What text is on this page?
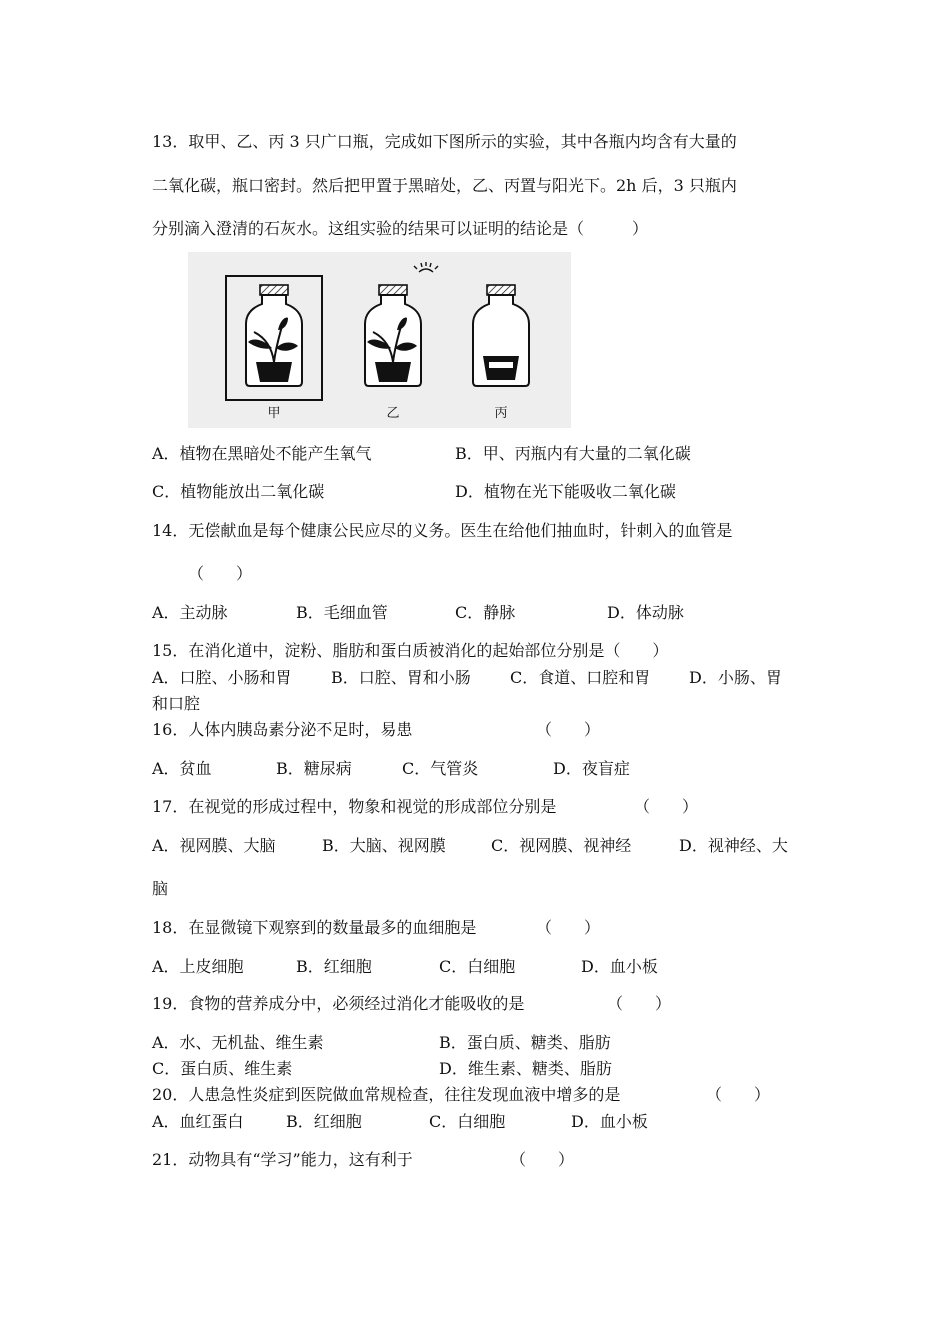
13．取甲、乙、丙 3 只广口瓶，完成如下图所示的实验，其中各瓶内均含有大量的
二氧化碳，瓶口密封。然后把甲置于黑暗处，乙、丙置与阳光下。2h 后，3 只瓶内
分别滴入澄清的石灰水。这组实验的结果可以证明的结论是（　　　）
甲	乙	丙
A．植物在黑暗处不能产生氧气	B．甲、丙瓶内有大量的二氧化碳
C．植物能放出二氧化碳	D．植物在光下能吸收二氧化碳
14．无偿献血是每个健康公民应尽的义务。医生在给他们抽血时，针刺入的血管是
（　　）
A．主动脉	B．毛细血管	C．静脉	D．体动脉
15．在消化道中，淀粉、脂肪和蛋白质被消化的起始部位分别是（　　）
A．口腔、小肠和胃 B．口腔、胃和小肠 C．食道、口腔和胃 D．小肠、胃
和口腔
16．人体内胰岛素分泌不足时，易患	（　　）
A．贫血	B．糖尿病	C．气管炎	D．夜盲症
17．在视觉的形成过程中，物象和视觉的形成部位分别是	（　　）
A．视网膜、大脑	B．大脑、视网膜	C．视网膜、视神经	D．视神经、大
脑
18．在显微镜下观察到的数量最多的血细胞是	（　　）
A．上皮细胞	B．红细胞	C．白细胞	D．血小板
19．食物的营养成分中，必须经过消化才能吸收的是	（　　）
A．水、无机盐、维生素	B．蛋白质、糖类、脂肪
C．蛋白质、维生素	D．维生素、糖类、脂肪
20．人患急性炎症到医院做血常规检查，往往发现血液中增多的是	（　　）
A．血红蛋白	B．红细胞	C．白细胞	D．血小板
21．动物具有“学习”能力，这有利于	（　　）
